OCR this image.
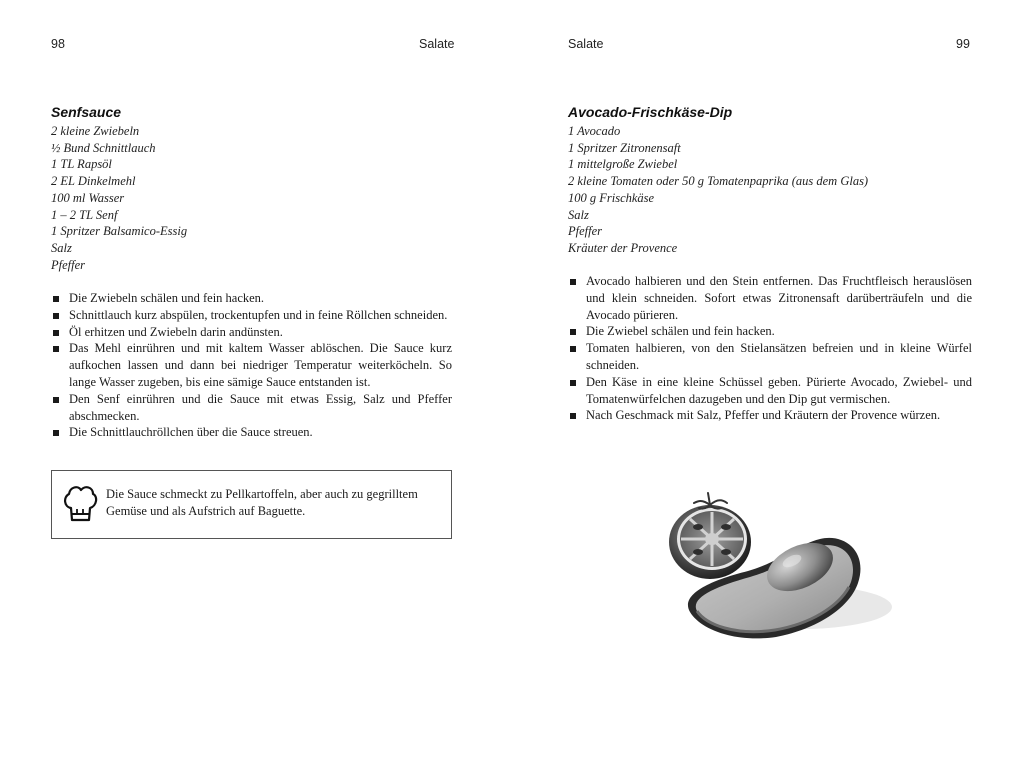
98	Salate
Senfsauce
2 kleine Zwiebeln
½ Bund Schnittlauch
1 TL Rapsöl
2 EL Dinkelmehl
100 ml Wasser
1 – 2 TL Senf
1 Spritzer Balsamico-Essig
Salz
Pfeffer
Die Zwiebeln schälen und fein hacken.
Schnittlauch kurz abspülen, trockentupfen und in feine Röllchen schneiden.
Öl erhitzen und Zwiebeln darin andünsten.
Das Mehl einrühren und mit kaltem Wasser ablöschen. Die Sauce kurz aufkochen lassen und dann bei niedriger Temperatur weiterköcheln. So lange Wasser zugeben, bis eine sämige Sauce entstanden ist.
Den Senf einrühren und die Sauce mit etwas Essig, Salz und Pfeffer abschmecken.
Die Schnittlauchröllchen über die Sauce streuen.
Die Sauce schmeckt zu Pellkartoffeln, aber auch zu gegrilltem Gemüse und als Aufstrich auf Baguette.
Salate	99
Avocado-Frischkäse-Dip
1 Avocado
1 Spritzer Zitronensaft
1 mittelgroße Zwiebel
2 kleine Tomaten oder 50 g Tomatenpaprika (aus dem Glas)
100 g Frischkäse
Salz
Pfeffer
Kräuter der Provence
Avocado halbieren und den Stein entfernen. Das Fruchtfleisch herauslösen und klein schneiden. Sofort etwas Zitronensaft darüberträufeln und die Avocado pürieren.
Die Zwiebel schälen und fein hacken.
Tomaten halbieren, von den Stielansätzen befreien und in kleine Würfel schneiden.
Den Käse in eine kleine Schüssel geben. Pürierte Avocado, Zwiebel- und Tomatenwürfelchen dazugeben und den Dip gut vermischen.
Nach Geschmack mit Salz, Pfeffer und Kräutern der Provence würzen.
